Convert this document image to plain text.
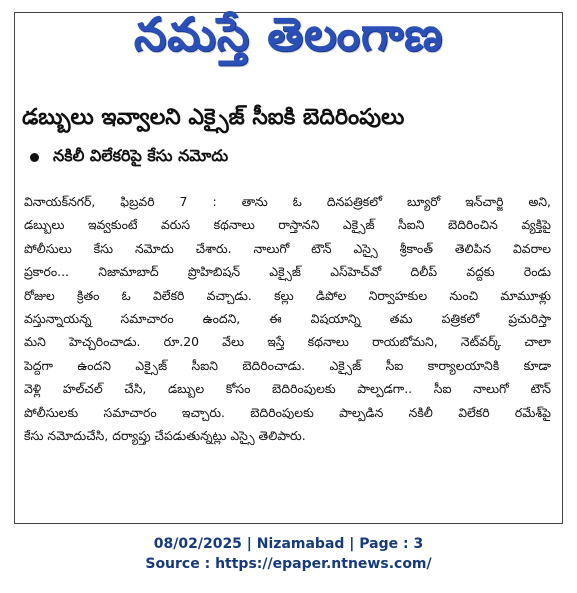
నమస్తే తెలంగాణ
డబ్బులు ఇవ్వాలని ఎక్సైజ్ సీఐకి బెదిరింపులు
నకిలీ విలేకరిపై కేసు నమోదు
వినాయక్‌నగర్, ఫిబ్రవరి 7 : తాను ఓ దినపత్రికలో బ్యూరో ఇన్‌చార్జి అని,
డబ్బులు ఇవ్వకుంటే వరుస కథనాలు రాస్తానని ఎక్సైజ్ సీఐని బెదిరించిన వ్యక్తిపై
పోలీసులు కేసు నమోదు చేశారు. నాలుగో టౌన్ ఎస్సై శ్రీకాంత్ తెలిపిన వివరాల
ప్రకారం... నిజామాబాద్ ప్రొహిబిషన్ ఎక్సైజ్ ఎస్‌హెచ్‌వో దిలీప్ వద్దకు రెండు
రోజుల క్రితం ఓ విలేకరి వచ్చాడు. కల్లు డిపోల నిర్వాహకుల నుంచి మామూళ్లు
వస్తున్నాయన్న సమాచారం ఉందని, ఈ విషయాన్ని తమ పత్రికలో ప్రచురిస్తా
మని హెచ్చరించాడు. రూ.20 వేలు ఇస్తే కథనాలు రాయబోమని, నెట్‌వర్క్ చాలా
పెద్దగా ఉందని ఎక్సైజ్ సీఐని బెదిరించాడు. ఎక్సైజ్ సీఐ కార్యాలయానికి కూడా
వెళ్లి హల్‌చల్ చేసి, డబ్బుల కోసం బెదిరింపులకు పాల్పడగా.. సీఐ నాలుగో టౌన్
పోలీసులకు సమాచారం ఇచ్చారు. బెదిరింపులకు పాల్పడిన నకిలీ విలేకరి రమేశ్‌పై
కేసు నమోదుచేసి, దర్యాప్తు చేపడుతున్నట్లు ఎస్సై తెలిపారు.
08/02/2025 | Nizamabad | Page : 3
Source : https://epaper.ntnews.com/
